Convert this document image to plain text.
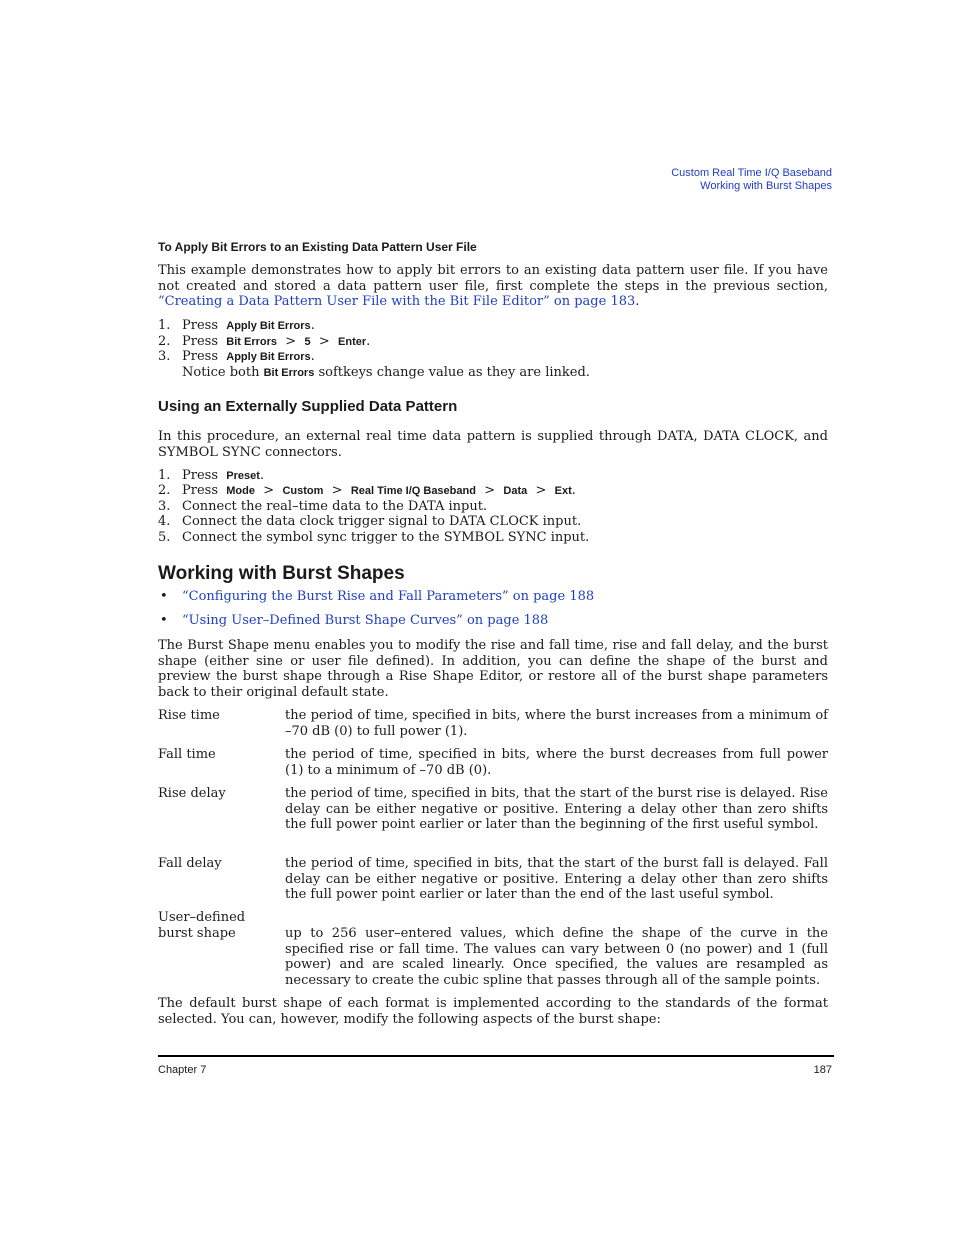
Custom Real Time I/Q Baseband
Working with Burst Shapes
To Apply Bit Errors to an Existing Data Pattern User File
This example demonstrates how to apply bit errors to an existing data pattern user file. If you have not created and stored a data pattern user file, first complete the steps in the previous section, “Creating a Data Pattern User File with the Bit File Editor” on page 183.
1. Press Apply Bit Errors.
2. Press Bit Errors > 5 > Enter.
3. Press Apply Bit Errors.
Notice both Bit Errors softkeys change value as they are linked.
Using an Externally Supplied Data Pattern
In this procedure, an external real time data pattern is supplied through DATA, DATA CLOCK, and SYMBOL SYNC connectors.
1. Press Preset.
2. Press Mode > Custom > Real Time I/Q Baseband > Data > Ext.
3. Connect the real–time data to the DATA input.
4. Connect the data clock trigger signal to DATA CLOCK input.
5. Connect the symbol sync trigger to the SYMBOL SYNC input.
Working with Burst Shapes
• “Configuring the Burst Rise and Fall Parameters” on page 188
• “Using User–Defined Burst Shape Curves” on page 188
The Burst Shape menu enables you to modify the rise and fall time, rise and fall delay, and the burst shape (either sine or user file defined). In addition, you can define the shape of the burst and preview the burst shape through a Rise Shape Editor, or restore all of the burst shape parameters back to their original default state.
Rise time	the period of time, specified in bits, where the burst increases from a minimum of –70 dB (0) to full power (1).
Fall time	the period of time, specified in bits, where the burst decreases from full power (1) to a minimum of –70 dB (0).
Rise delay	the period of time, specified in bits, that the start of the burst rise is delayed. Rise delay can be either negative or positive. Entering a delay other than zero shifts the full power point earlier or later than the beginning of the first useful symbol.
Fall delay	the period of time, specified in bits, that the start of the burst fall is delayed. Fall delay can be either negative or positive. Entering a delay other than zero shifts the full power point earlier or later than the end of the last useful symbol.
User–defined
burst shape	up to 256 user–entered values, which define the shape of the curve in the specified rise or fall time. The values can vary between 0 (no power) and 1 (full power) and are scaled linearly. Once specified, the values are resampled as necessary to create the cubic spline that passes through all of the sample points.
The default burst shape of each format is implemented according to the standards of the format selected. You can, however, modify the following aspects of the burst shape:
Chapter 7	187
